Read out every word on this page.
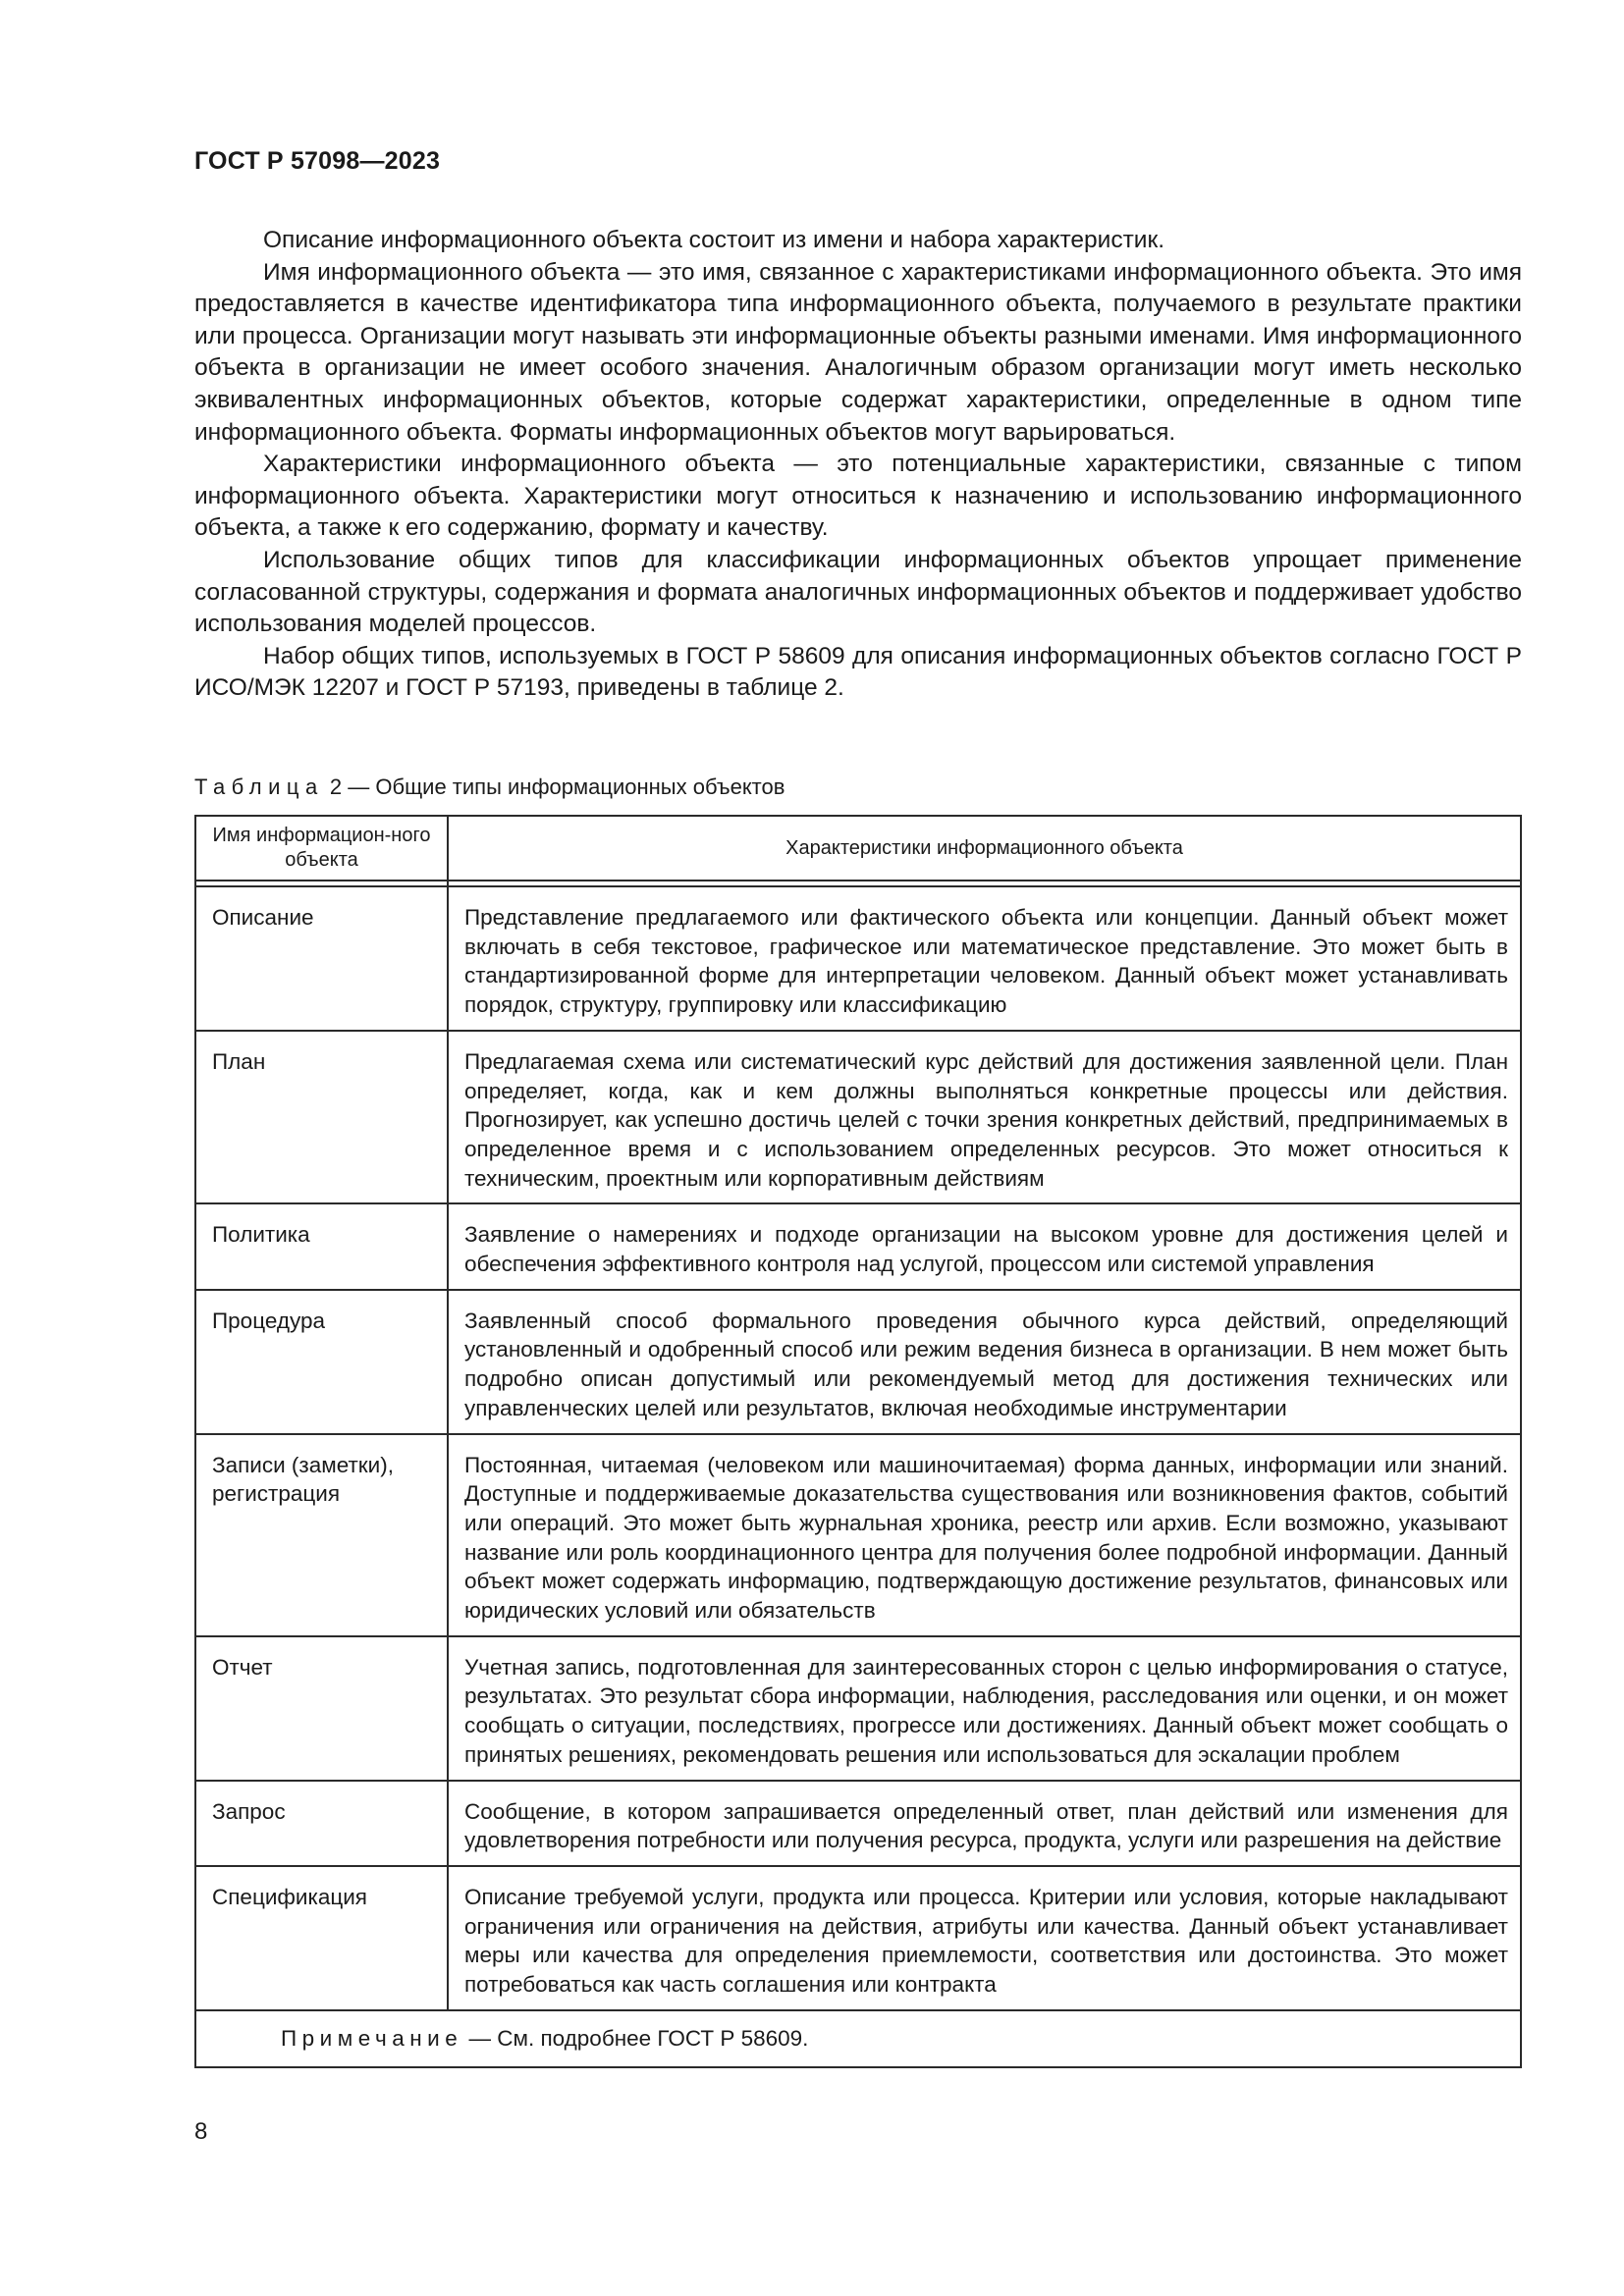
ГОСТ Р 57098—2023

Описание информационного объекта состоит из имени и набора характеристик.

Имя информационного объекта — это имя, связанное с характеристиками информационного объекта. Это имя предоставляется в качестве идентификатора типа информационного объекта, получаемого в результате практики или процесса. Организации могут называть эти информационные объекты разными именами. Имя информационного объекта в организации не имеет особого значения. Аналогичным образом организации могут иметь несколько эквивалентных информационных объектов, которые содержат характеристики, определенные в одном типе информационного объекта. Форматы информационных объектов могут варьироваться.

Характеристики информационного объекта — это потенциальные характеристики, связанные с типом информационного объекта. Характеристики могут относиться к назначению и использованию информационного объекта, а также к его содержанию, формату и качеству.

Использование общих типов для классификации информационных объектов упрощает применение согласованной структуры, содержания и формата аналогичных информационных объектов и поддерживает удобство использования моделей процессов.

Набор общих типов, используемых в ГОСТ Р 58609 для описания информационных объектов согласно ГОСТ Р ИСО/МЭК 12207 и ГОСТ Р 57193, приведены в таблице 2.

Таблица 2 — Общие типы информационных объектов
Имя информацион-ного объекта	Характеристики информационного объекта

Описание	Представление предлагаемого или фактического объекта или концепции. Данный объект может включать в себя текстовое, графическое или математическое представление. Это может быть в стандартизированной форме для интерпретации человеком. Данный объект может устанавливать порядок, структуру, группировку или классификацию
План	Предлагаемая схема или систематический курс действий для достижения заявленной цели. План определяет, когда, как и кем должны выполняться конкретные процессы или действия. Прогнозирует, как успешно достичь целей с точки зрения конкретных действий, предпринимаемых в определенное время и с использованием определенных ресурсов. Это может относиться к техническим, проектным или корпоративным действиям
Политика	Заявление о намерениях и подходе организации на высоком уровне для достижения целей и обеспечения эффективного контроля над услугой, процессом или системой управления
Процедура	Заявленный способ формального проведения обычного курса действий, определяющий установленный и одобренный способ или режим ведения бизнеса в организации. В нем может быть подробно описан допустимый или рекомендуемый метод для достижения технических или управленческих целей или результатов, включая необходимые инструментарии
Записи (заметки), регистрация	Постоянная, читаемая (человеком или машиночитаемая) форма данных, информации или знаний. Доступные и поддерживаемые доказательства существования или возникновения фактов, событий или операций. Это может быть журнальная хроника, реестр или архив. Если возможно, указывают название или роль координационного центра для получения более подробной информации. Данный объект может содержать информацию, подтверждающую достижение результатов, финансовых или юридических условий или обязательств
Отчет	Учетная запись, подготовленная для заинтересованных сторон с целью информирования о статусе, результатах. Это результат сбора информации, наблюдения, расследования или оценки, и он может сообщать о ситуации, последствиях, прогрессе или достижениях. Данный объект может сообщать о принятых решениях, рекомендовать решения или использоваться для эскалации проблем
Запрос	Сообщение, в котором запрашивается определенный ответ, план действий или изменения для удовлетворения потребности или получения ресурса, продукта, услуги или разрешения на действие
Спецификация	Описание требуемой услуги, продукта или процесса. Критерии или условия, которые накладывают ограничения или ограничения на действия, атрибуты или качества. Данный объект устанавливает меры или качества для определения приемлемости, соответствия или достоинства. Это может потребоваться как часть соглашения или контракта
Примечание — См. подробнее ГОСТ Р 58609.	
8
